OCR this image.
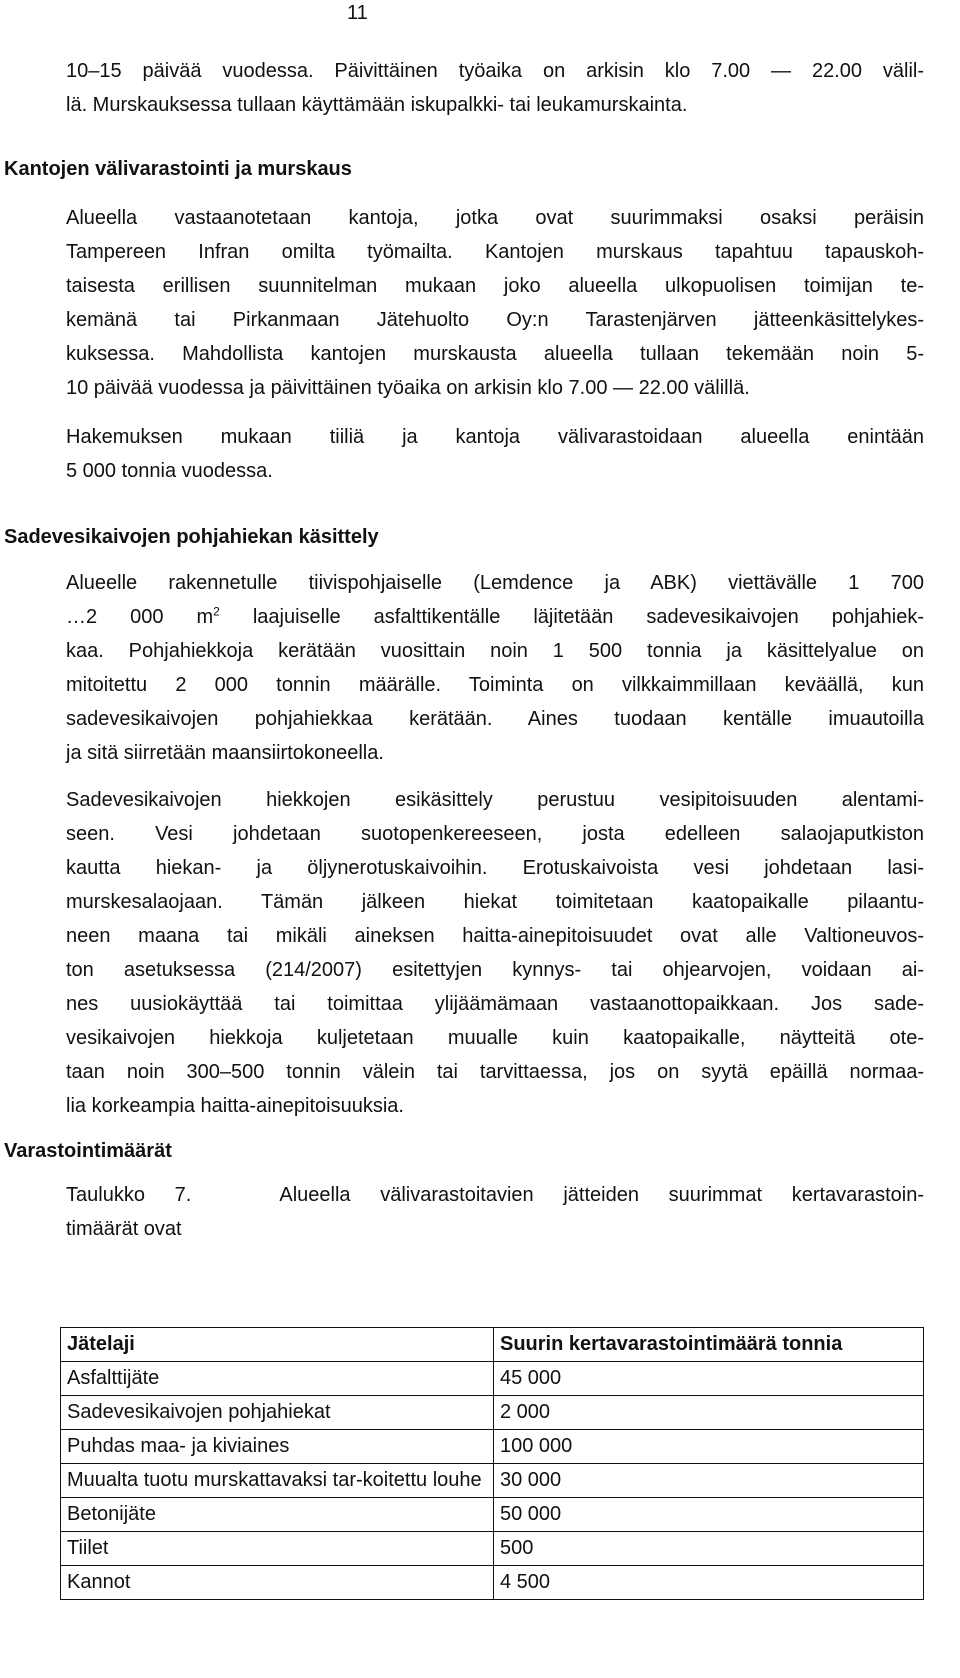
11
10–15 päivää vuodessa. Päivittäinen työaika on arkisin klo 7.00 — 22.00 välil-
lä. Murskauksessa tullaan käyttämään iskupalkki- tai leukamurskainta.
Kantojen välivarastointi ja murskaus
Alueella vastaanotetaan kantoja, jotka ovat suurimmaksi osaksi peräisin
Tampereen Infran omilta työmailta. Kantojen murskaus tapahtuu tapauskoh-
taisesta erillisen suunnitelman mukaan joko alueella ulkopuolisen toimijan te-
kemänä tai Pirkanmaan Jätehuolto Oy:n Tarastenjärven jätteenkäsittelykes-
kuksessa. Mahdollista kantojen murskausta alueella tullaan tekemään noin 5-
10 päivää vuodessa ja päivittäinen työaika on arkisin klo 7.00 — 22.00 välillä.
Hakemuksen mukaan tiiliä ja kantoja välivarastoidaan alueella enintään
5 000 tonnia vuodessa.
Sadevesikaivojen pohjahiekan käsittely
Alueelle rakennetulle tiivispohjaiselle (Lemdence ja ABK) viettävälle 1 700
…2 000 $m^2$ laajuiselle asfalttikentälle läjitetään sadevesikaivojen pohjahiek-
kaa. Pohjahiekkoja kerätään vuosittain noin 1 500 tonnia ja käsittelyalue on
mitoitettu 2 000 tonnin määrälle. Toiminta on vilkkaimmillaan keväällä, kun
sadevesikaivojen pohjahiekkaa kerätään. Aines tuodaan kentälle imuautoilla
ja sitä siirretään maansiirtokoneella.
Sadevesikaivojen hiekkojen esikäsittely perustuu vesipitoisuuden alentami-
seen. Vesi johdetaan suotopenkereeseen, josta edelleen salaojaputkiston
kautta hiekan- ja öljynerotuskaivoihin. Erotuskaivoista vesi johdetaan lasi-
murskesalaojaan. Tämän jälkeen hiekat toimitetaan kaatopaikalle pilaantu-
neen maana tai mikäli aineksen haitta-ainepitoisuudet ovat alle Valtioneuvos-
ton asetuksessa (214/2007) esitettyjen kynnys- tai ohjearvojen, voidaan ai-
nes uusiokäyttää tai toimittaa ylijäämämaan vastaanottopaikkaan. Jos sade-
vesikaivojen hiekkoja kuljetetaan muualle kuin kaatopaikalle, näytteitä ote-
taan noin 300–500 tonnin välein tai tarvittaessa, jos on syytä epäillä normaa-
lia korkeampia haitta-ainepitoisuuksia.
Varastointimäärät
Taulukko 7.   Alueella välivarastoitavien jätteiden suurimmat kertavarastoin-
timäärät ovat
Jätelaji	Suurin kertavarastointimäärä tonnia
Asfalttijäte	45 000
Sadevesikaivojen pohjahiekat	2 000
Puhdas maa- ja kiviaines	100 000
Muualta tuotu murskattavaksi tar-koitettu louhe	30 000
Betonijäte	50 000
Tiilet	500
Kannot	4 500
